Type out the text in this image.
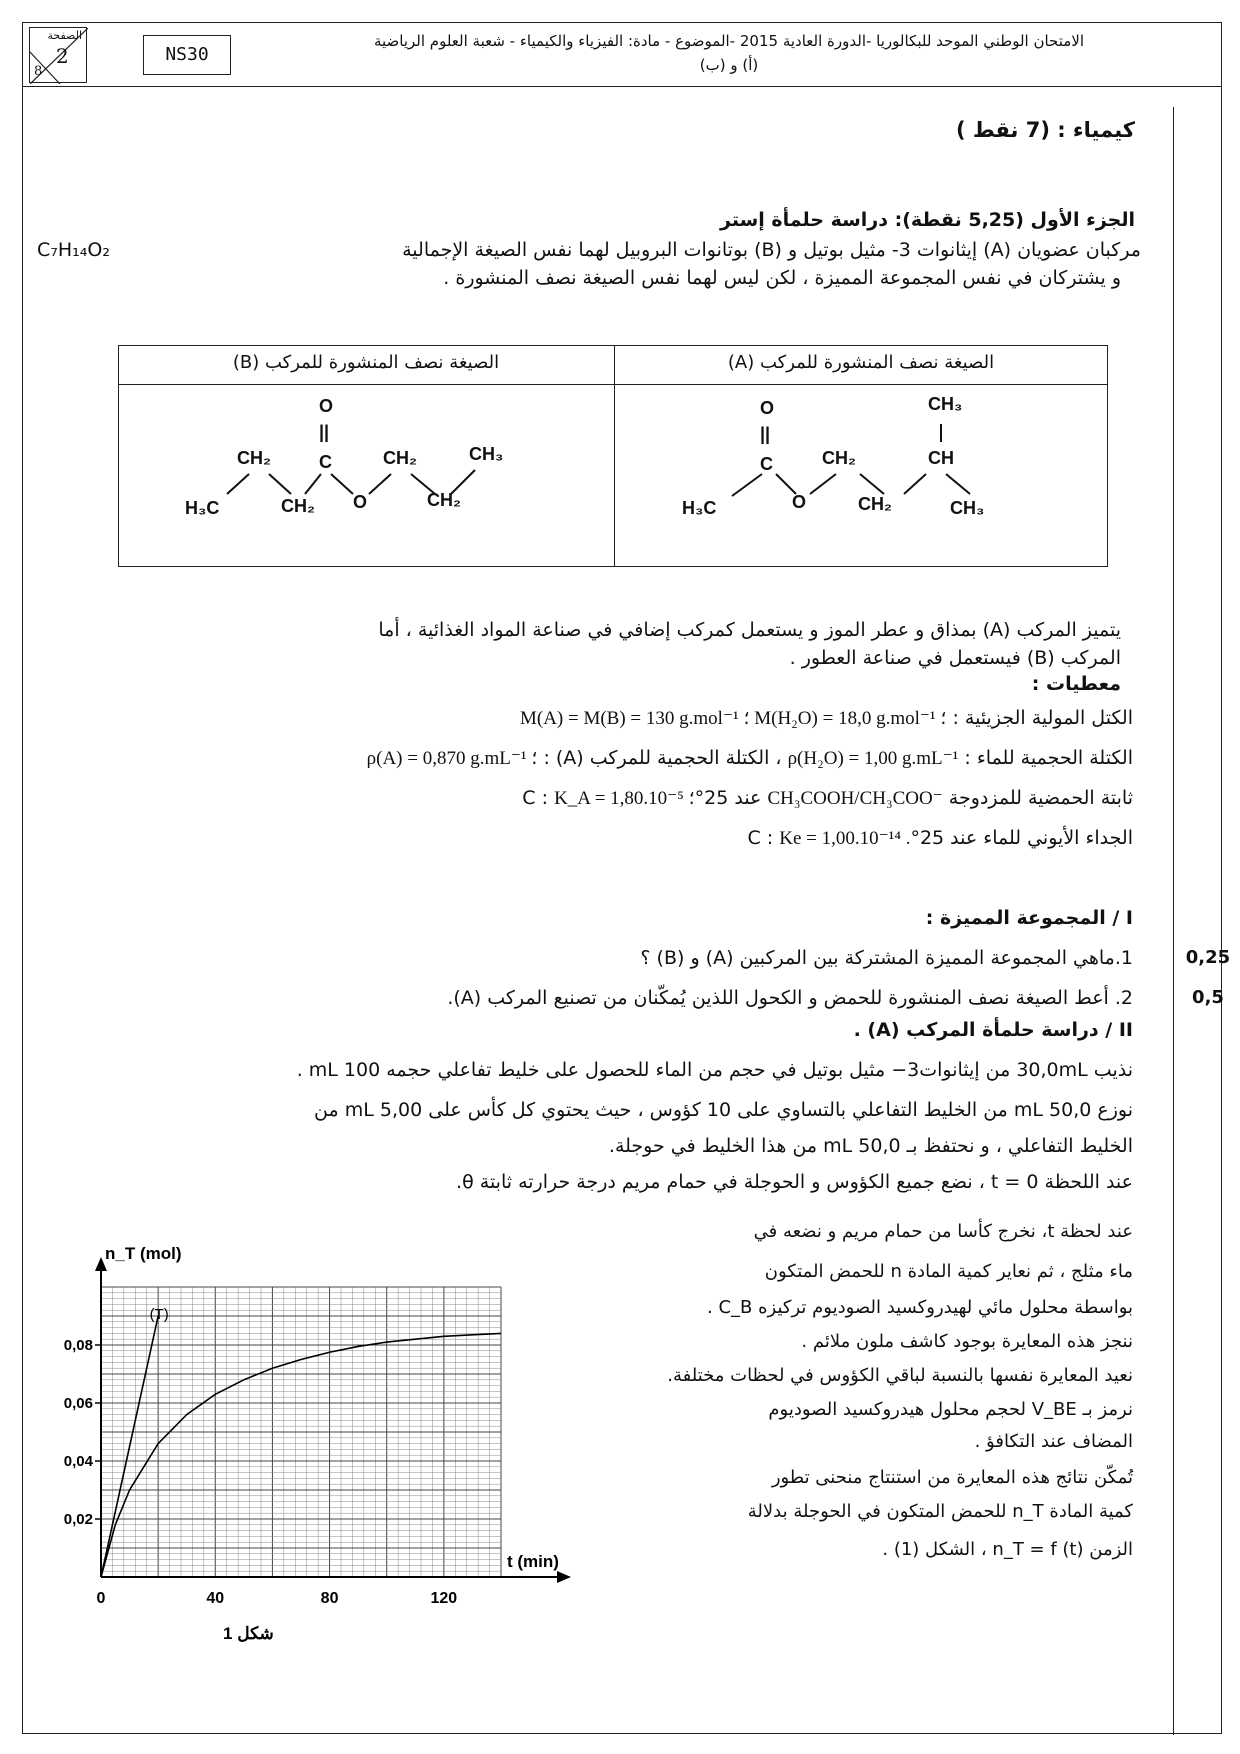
الصفحة
2
8
NS30
الامتحان الوطني الموحد للبكالوريا -الدورة العادية 2015 -الموضوع - مادة: الفيزياء والكيمياء - شعبة العلوم الرياضية
(أ) و (ب)
كيمياء : (7 نقط )
الجزء الأول (5,25 نقطة): دراسة حلمأة إستر
مركبان عضويان (A) إيثانوات 3- مثيل بوتيل و (B) بوتانوات البروبيل لهما نفس الصيغة الإجمالية
C₇H₁₄O₂
و يشتركان في نفس المجموعة المميزة ، لكن ليس لهما نفس الصيغة نصف المنشورة .
الصيغة نصف المنشورة للمركب (A)
الصيغة نصف المنشورة للمركب (B)
O
||
C	CH₂	CH
CH₃
H₃C	O	CH₂	CH₃
O
||
C
CH₂
H₃C	CH₂ O
CH₂
CH₂
CH₃
يتميز المركب (A) بمذاق و عطر الموز و يستعمل كمركب إضافي في صناعة المواد الغذائية ، أما
المركب (B) فيستعمل في صناعة العطور .
معطيات :
الكتل المولية الجزيئية : M(A) = M(B) = 130 g.mol⁻¹ ؛ M(H₂O) = 18,0 g.mol⁻¹ ؛
الكتلة الحجمية للماء : ρ(H₂O) = 1,00 g.mL⁻¹ ، الكتلة الحجمية للمركب (A) : ρ(A) = 0,870 g.mL⁻¹ ؛
ثابتة الحمضية للمزدوجة CH₃COOH/CH₃COO⁻ عند 25°C : K_A = 1,80.10⁻⁵ ؛
الجداء الأيوني للماء عند 25°C : Ke = 1,00.10⁻¹⁴ .
I / المجموعة المميزة :
1.ماهي المجموعة المميزة المشتركة بين المركبين (A) و (B) ؟	0,25
2. أعط الصيغة نصف المنشورة للحمض و الكحول اللذين يُمكّنان من تصنيع المركب (A).	0,5
II / دراسة حلمأة المركب (A) .
نذيب 30,0mL من إيثانوات3− مثيل بوتيل في حجم من الماء للحصول على خليط تفاعلي حجمه 100 mL .
نوزع 50,0 mL من الخليط التفاعلي بالتساوي على 10 كؤوس ، حيث يحتوي كل كأس على 5,00 mL من
الخليط التفاعلي ، و نحتفظ بـ 50,0 mL من هذا الخليط في حوجلة.
عند اللحظة t = 0 ، نضع جميع الكؤوس و الحوجلة في حمام مريم درجة حرارته ثابتة θ.
عند لحظة t، نخرج كأسا من حمام مريم و نضعه في
ماء مثلج ، ثم نعاير كمية المادة n للحمض المتكون
بواسطة محلول مائي لهيدروكسيد الصوديوم تركيزه C_B .
ننجز هذه المعايرة بوجود كاشف ملون ملائم .
نعيد المعايرة نفسها بالنسبة لباقي الكؤوس في لحظات مختلفة.
نرمز بـ V_BE لحجم محلول هيدروكسيد الصوديوم
المضاف عند التكافؤ .
تُمكّن نتائج هذه المعايرة من استنتاج منحنى تطور
كمية المادة n_T للحمض المتكون في الحوجلة بدلالة
الزمن n_T = f (t) ، الشكل (1) .
0	40	80	120
0,02
0,04
0,06
0,08
n_T (mol)
t (min)
(T)
شكل 1
